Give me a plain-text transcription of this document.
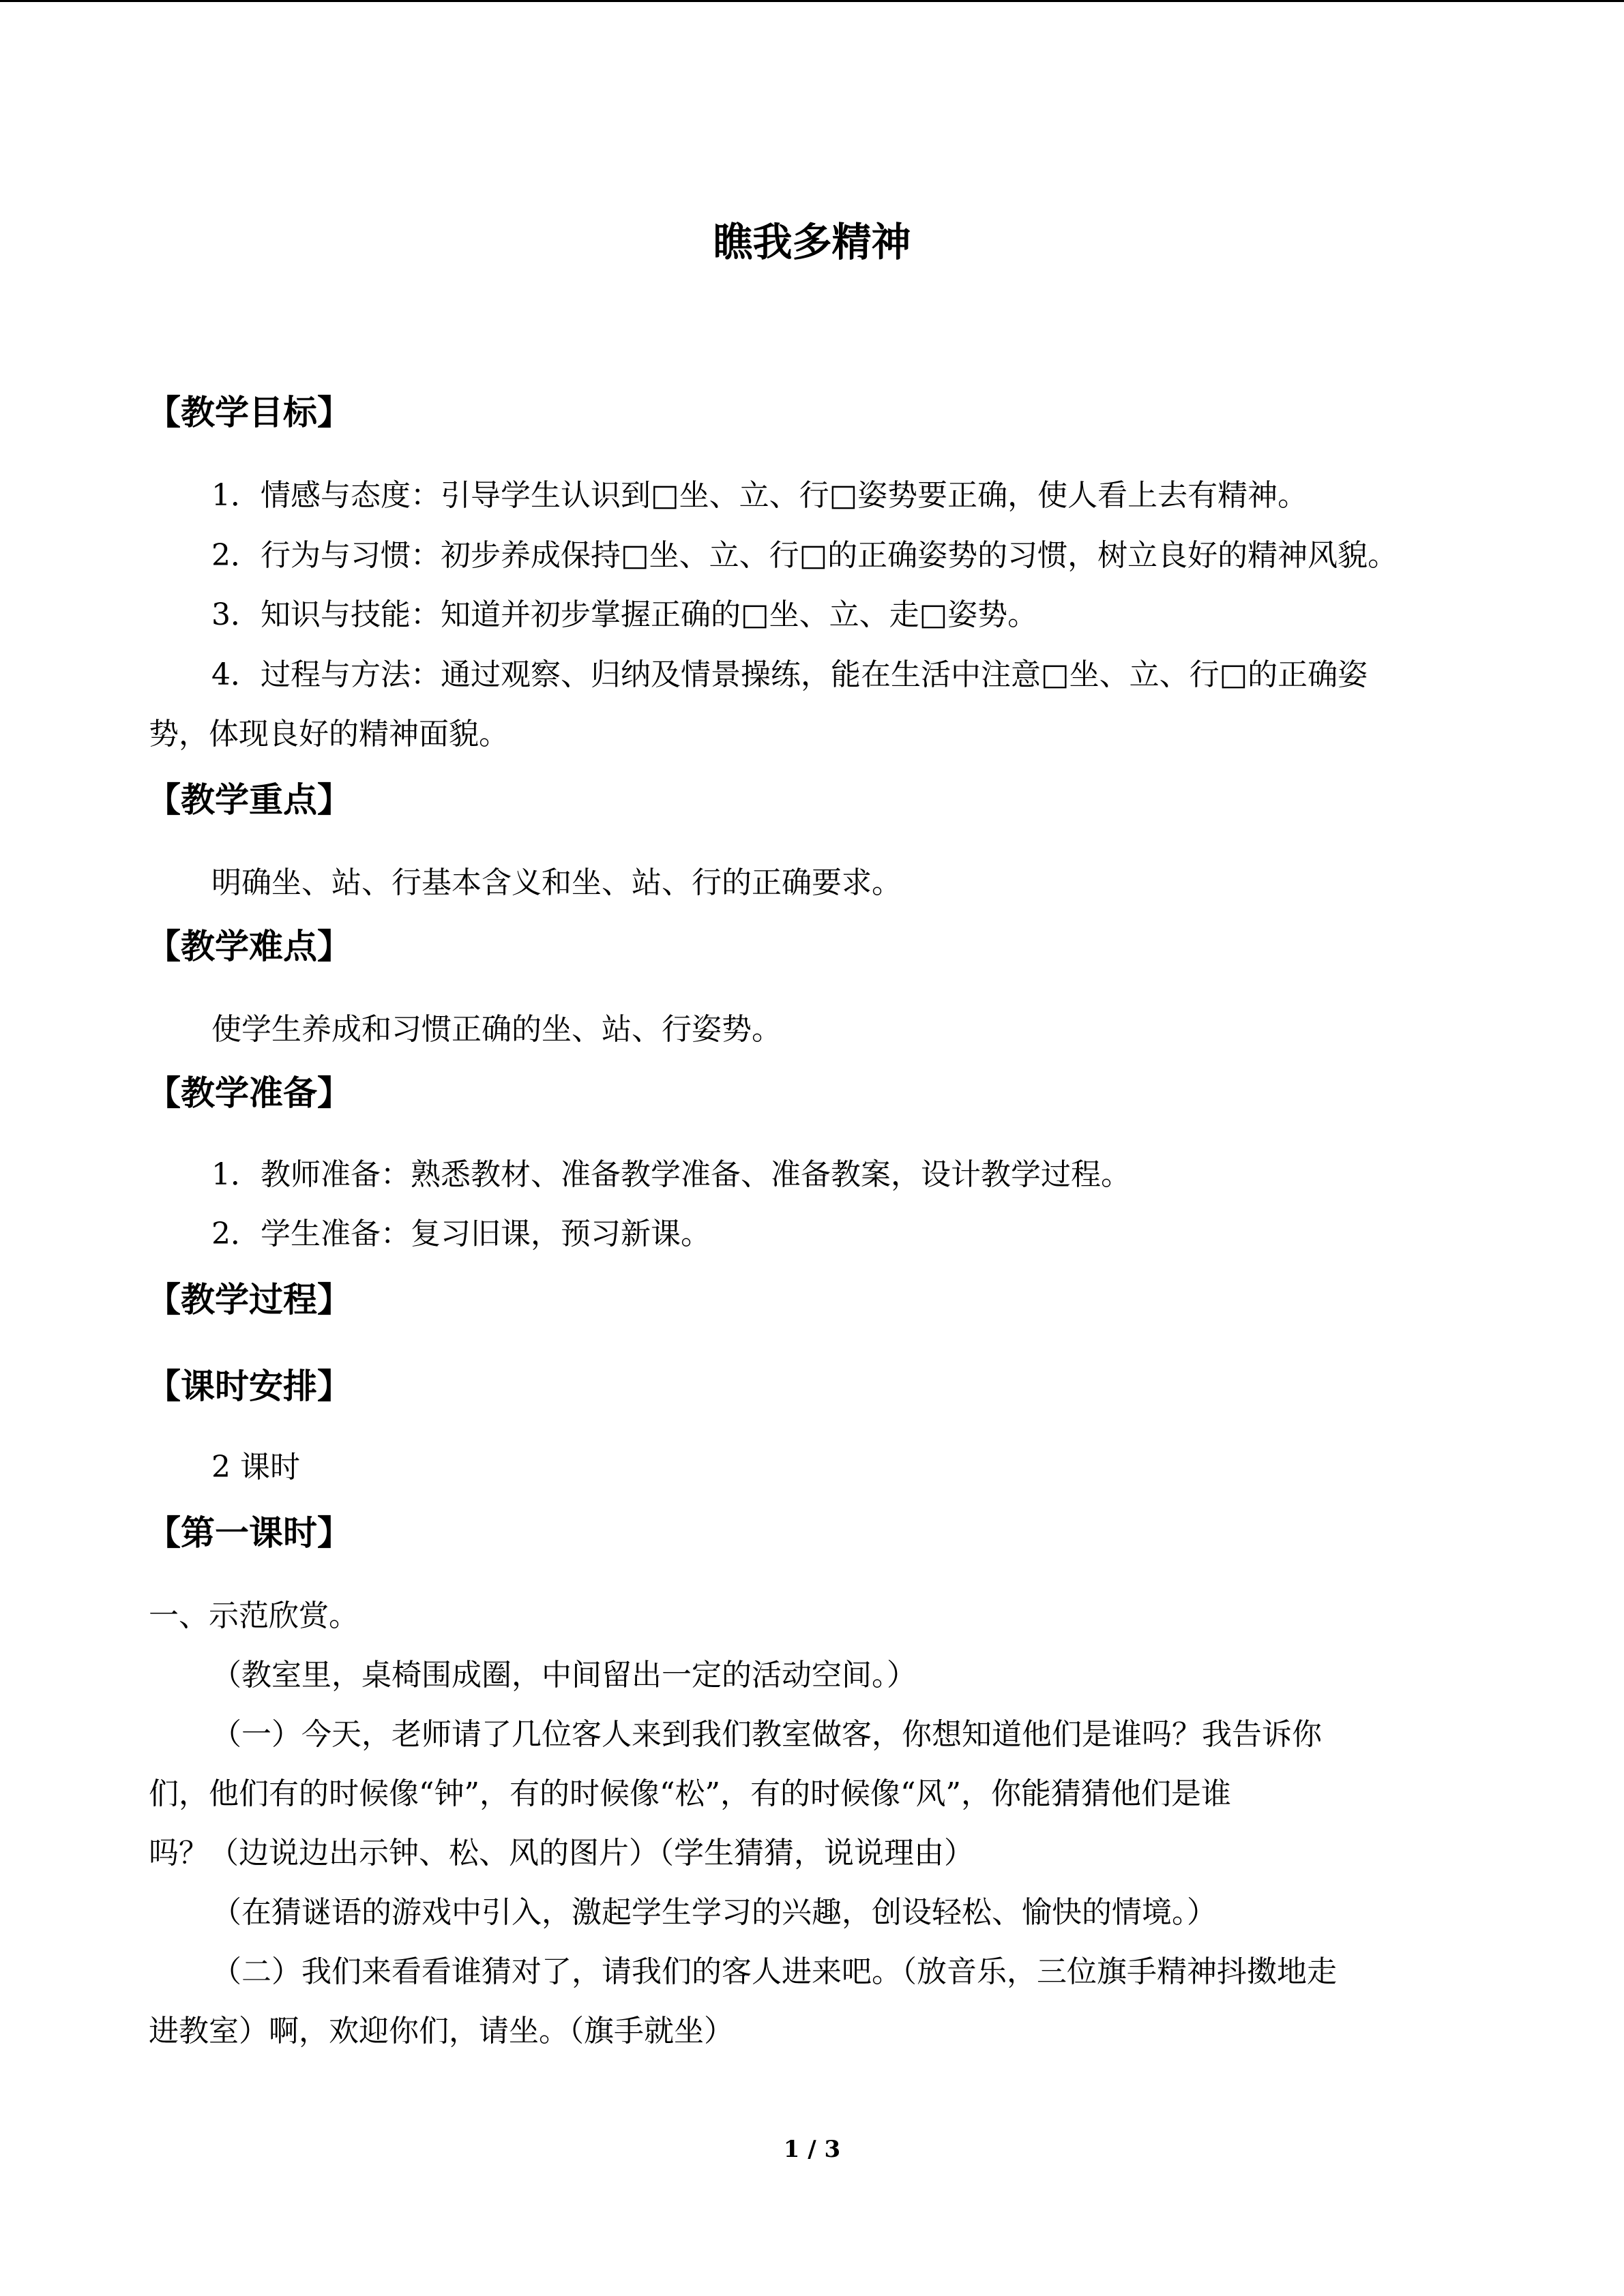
瞧我多精神
【教学目标】
1．情感与态度：引导学生认识到□坐、立、行□姿势要正确，使人看上去有精神。
2．行为与习惯：初步养成保持□坐、立、行□的正确姿势的习惯，树立良好的精神风貌。
3．知识与技能：知道并初步掌握正确的□坐、立、走□姿势。
4．过程与方法：通过观察、归纳及情景操练，能在生活中注意□坐、立、行□的正确姿
势，体现良好的精神面貌。
【教学重点】
明确坐、站、行基本含义和坐、站、行的正确要求。
【教学难点】
使学生养成和习惯正确的坐、站、行姿势。
【教学准备】
1．教师准备：熟悉教材、准备教学准备、准备教案，设计教学过程。
2．学生准备：复习旧课，预习新课。
【教学过程】
【课时安排】
2 课时
【第一课时】
一、示范欣赏。
（教室里，桌椅围成圈，中间留出一定的活动空间。）
（一）今天，老师请了几位客人来到我们教室做客，你想知道他们是谁吗？我告诉你
们，他们有的时候像“钟”，有的时候像“松”，有的时候像“风”，你能猜猜他们是谁
吗？（边说边出示钟、松、风的图片）（学生猜猜，说说理由）
（在猜谜语的游戏中引入，激起学生学习的兴趣，创设轻松、愉快的情境。）
（二）我们来看看谁猜对了，请我们的客人进来吧。（放音乐，三位旗手精神抖擞地走
进教室）啊，欢迎你们，请坐。（旗手就坐）
1 / 3
